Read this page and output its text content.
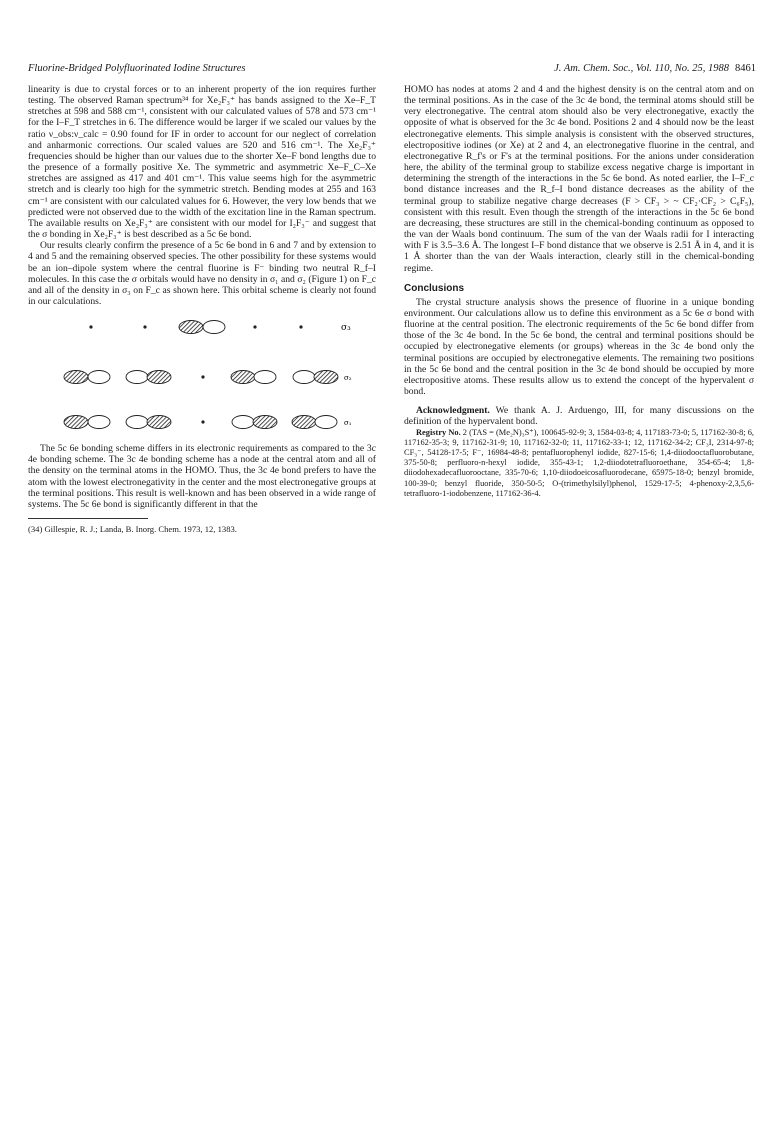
Fluorine-Bridged Polyfluorinated Iodine Structures	J. Am. Chem. Soc., Vol. 110, No. 25, 1988 8461

linearity is due to crystal forces or to an inherent property of the ion requires further testing. The observed Raman spectrum³⁴ for Xe₂F₃⁺ has bands assigned to the Xe–F_T stretches at 598 and 588 cm⁻¹, consistent with our calculated values of 578 and 573 cm⁻¹ for the I–F_T stretches in 6. The difference would be larger if we scaled our values by the ratio ν_obs:ν_calc = 0.90 found for IF in order to account for our neglect of correlation and anharmonic corrections. Our scaled values are 520 and 516 cm⁻¹. The Xe₂F₃⁺ frequencies should be higher than our values due to the shorter Xe–F bond lengths due to the presence of a formally positive Xe. The symmetric and asymmetric Xe–F_C–Xe stretches are assigned as 417 and 401 cm⁻¹. This value seems high for the asymmetric stretch and is clearly too high for the symmetric stretch. Bending modes at 255 and 163 cm⁻¹ are consistent with our calculated values for 6. However, the very low bends that we predicted were not observed due to the width of the excitation line in the Raman spectrum. The available results on Xe₂F₃⁺ are consistent with our model for I₂F₃⁻ and suggest that the σ bonding in Xe₂F₃⁺ is best described as a 5c 6e bond.

Our results clearly confirm the presence of a 5c 6e bond in 6 and 7 and by extension to 4 and 5 and the remaining observed species. The other possibility for these systems would be an ion–dipole system where the central fluorine is F⁻ binding two neutral R_f–I molecules. In this case the σ orbitals would have no density in σ₁ and σ₂ (Figure 1) on F_c and all of the density in σ₃ on F_c as shown here. This orbital scheme is clearly not found in our calculations.

σ₃
σ₂
σ₁

The 5c 6e bonding scheme differs in its electronic requirements as compared to the 3c 4e bonding scheme. The 3c 4e bonding scheme has a node at the central atom and all of the density on the terminal atoms in the HOMO. Thus, the 3c 4e bond prefers to have the atom with the lowest electronegativity in the center and the most electronegative groups at the terminal positions. This result is well-known and has been observed in a wide range of systems. The 5c 6e bond is significantly different in that the

(34) Gillespie, R. J.; Landa, B. Inorg. Chem. 1973, 12, 1383.

HOMO has nodes at atoms 2 and 4 and the highest density is on the central atom and on the terminal positions. As in the case of the 3c 4e bond, the terminal atoms should still be very electronegative. The central atom should also be very electronegative, exactly the opposite of what is observed for the 3c 4e bond. Positions 2 and 4 should now be the least electronegative elements. This simple analysis is consistent with the observed structures, electropositive iodines (or Xe) at 2 and 4, an electronegative fluorine in the central, and electronegative R_f's or F's at the terminal positions. For the anions under consideration here, the ability of the terminal group to stabilize excess negative charge is important in determining the strength of the interactions in the 5c 6e bond. As noted earlier, the I–F_c bond distance increases and the R_f–I bond distance decreases as the ability of the terminal group to stabilize negative charge decreases (F > CF₃ > ~ CF₂·CF₂ > C₆F₅), consistent with this result. Even though the strength of the interactions in the 5c 6e bond are decreasing, these structures are still in the chemical-bonding continuum as opposed to the van der Waals bond continuum. The sum of the van der Waals radii for I interacting with F is 3.5–3.6 Å. The longest I–F bond distance that we observe is 2.51 Å in 4, and it is 1 Å shorter than the van der Waals interaction, clearly still in the chemical-bonding regime.

Conclusions

The crystal structure analysis shows the presence of fluorine in a unique bonding environment. Our calculations allow us to define this environment as a 5c 6e σ bond with fluorine at the central position. The electronic requirements of the 5c 6e bond differ from those of the 3c 4e bond. In the 5c 6e bond, the central and terminal positions should be occupied by electronegative elements (or groups) whereas in the 3c 4e bond only the terminal positions are occupied by electronegative elements. The remaining two positions in the 5c 6e bond and the central position in the 3c 4e bond should be occupied by more electropositive atoms. These results allow us to extend the concept of the hypervalent σ bond.

Acknowledgment. We thank A. J. Arduengo, III, for many discussions on the definition of the hypervalent bond.

Registry No. 2 (TAS = (Me₂N)₃S⁺), 100645-92-9; 3, 1584-03-8; 4, 117183-73-0; 5, 117162-30-8; 6, 117162-35-3; 9, 117162-31-9; 10, 117162-32-0; 11, 117162-33-1; 12, 117162-34-2; CF₃I, 2314-97-8; CF₃⁻, 54128-17-5; F⁻, 16984-48-8; pentafluorophenyl iodide, 827-15-6; 1,4-diiodooctafluorobutane, 375-50-8; perfluoro-n-hexyl iodide, 355-43-1; 1,2-diiodotetrafluoroethane, 354-65-4; 1,8-diiodohexadecafluorooctane, 335-70-6; 1,10-diiodoeicosafluorodecane, 65975-18-0; benzyl bromide, 100-39-0; benzyl fluoride, 350-50-5; O-(trimethylsilyl)phenol, 1529-17-5; 4-phenoxy-2,3,5,6-tetrafluoro-1-iodobenzene, 117162-36-4.
